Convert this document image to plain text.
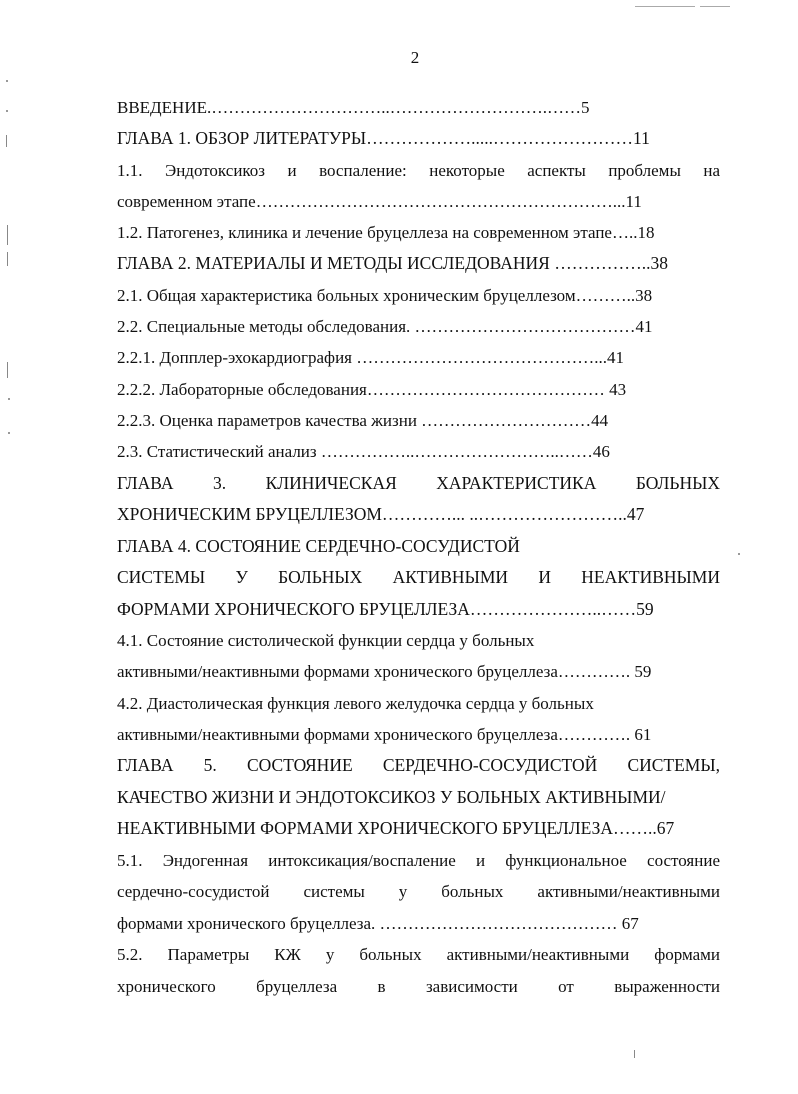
2
ВВЕДЕНИЕ.…………………………..……………………….……5
ГЛАВА 1. ОБЗОР ЛИТЕРАТУРЫ……………….....……………………11
1.1. Эндотоксикоз и воспаление: некоторые аспекты проблемы на
современном этапе………………………………………………………...11
1.2. Патогенез, клиника и лечение бруцеллеза на современном этапе…..18
ГЛАВА 2. МАТЕРИАЛЫ И МЕТОДЫ ИССЛЕДОВАНИЯ ……………..38
2.1. Общая характеристика больных хроническим бруцеллезом………..38
2.2. Специальные методы обследования. …………………………………41
2.2.1. Допплер-эхокардиография ……………………………………...41
2.2.2. Лабораторные обследования…………………………………… 43
2.2.3. Оценка параметров качества жизни …………………………44
2.3. Статистический анализ ……………..……………………..……46
ГЛАВА 3. КЛИНИЧЕСКАЯ ХАРАКТЕРИСТИКА БОЛЬНЫХ
ХРОНИЧЕСКИМ БРУЦЕЛЛЕЗОМ…………... ..……………………..47
ГЛАВА 4. СОСТОЯНИЕ СЕРДЕЧНО-СОСУДИСТОЙ
СИСТЕМЫ У БОЛЬНЫХ АКТИВНЫМИ И НЕАКТИВНЫМИ
ФОРМАМИ ХРОНИЧЕСКОГО БРУЦЕЛЛЕЗА…………………..……59
4.1. Состояние систолической функции сердца у больных
активными/неактивными формами хронического бруцеллеза…………. 59
4.2. Диастолическая функция левого желудочка сердца у больных
активными/неактивными формами хронического бруцеллеза…………. 61
ГЛАВА 5. СОСТОЯНИЕ СЕРДЕЧНО-СОСУДИСТОЙ СИСТЕМЫ,
КАЧЕСТВО ЖИЗНИ И ЭНДОТОКСИКОЗ У БОЛЬНЫХ АКТИВНЫМИ/
НЕАКТИВНЫМИ ФОРМАМИ ХРОНИЧЕСКОГО БРУЦЕЛЛЕЗА……..67
5.1. Эндогенная интоксикация/воспаление и функциональное состояние
сердечно-сосудистой системы у больных активными/неактивными
формами хронического бруцеллеза. …………………………………… 67
5.2. Параметры КЖ у больных активными/неактивными формами
хронического бруцеллеза в зависимости от выраженности
